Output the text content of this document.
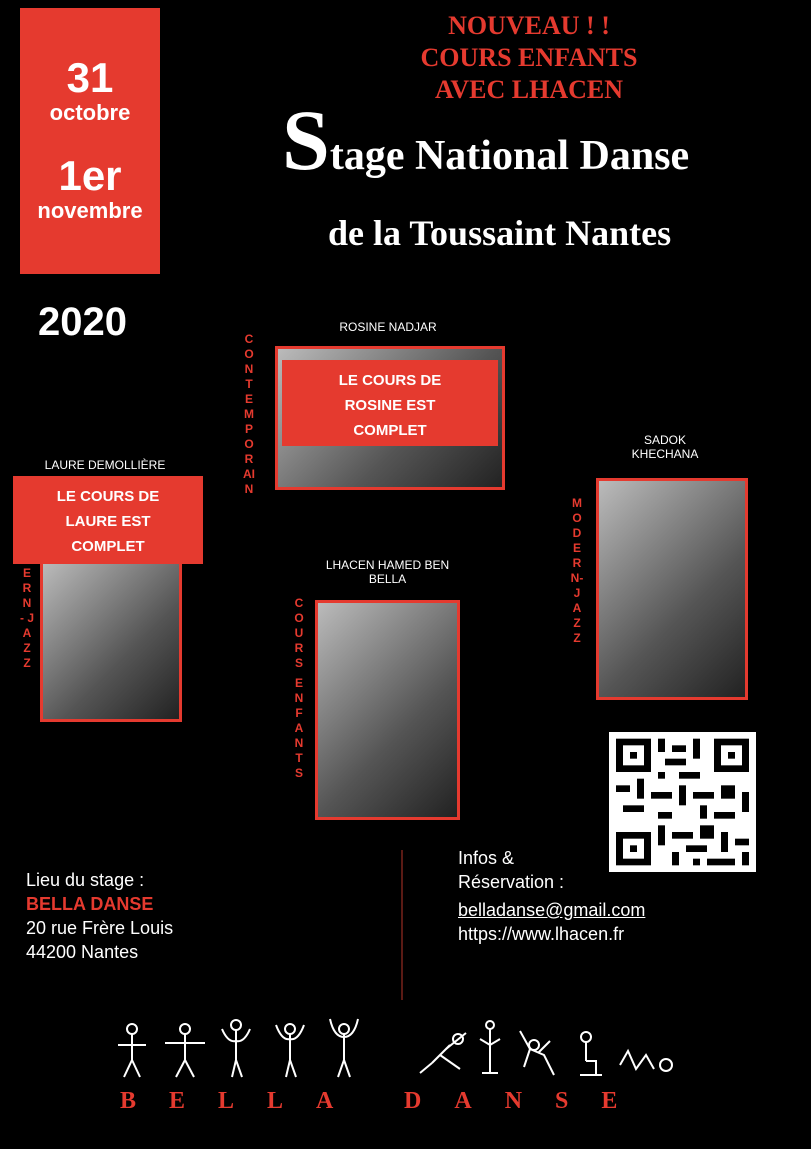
31
octobre
1er
novembre
2020
NOUVEAU ! !
COURS ENFANTS
AVEC LHACEN
Stage National Danse
de la Toussaint Nantes
ROSINE NADJAR
CONTEMPORAIN
LE COURS DE
ROSINE EST
COMPLET
LAURE DEMOLLIÈRE
ERN - JAZZ
LE COURS DE
LAURE EST
COMPLET
SADOK
KHECHANA
MODERN-JAZZ
LHACEN HAMED BEN
BELLA
COURS
ENFANTS
Lieu du stage :
BELLA DANSE
20 rue Frère Louis
44200 Nantes
Infos &
Réservation :
belladanse@gmail.com
https://www.lhacen.fr
BELLA DANSE
